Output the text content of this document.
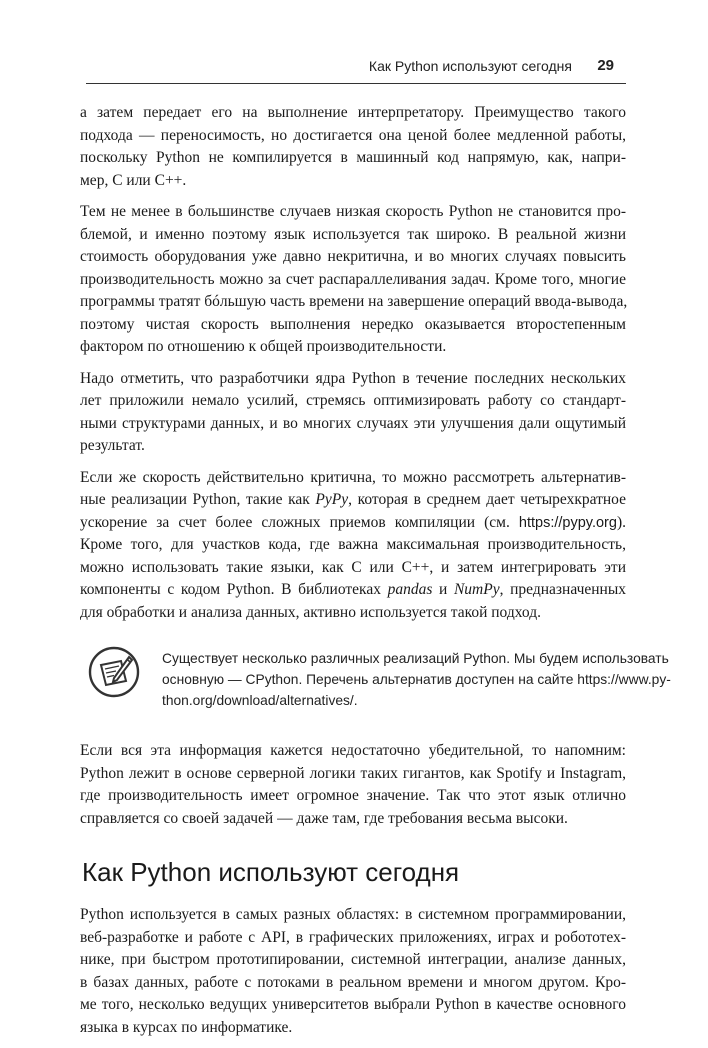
Как Python используют сегодня 29

а затем передает его на выполнение интерпретатору. Преимущество такого
подхода — переносимость, но достигается она ценой более медленной работы,
поскольку Python не компилируется в машинный код напрямую, как, напри-
мер, C или C++.

Тем не менее в большинстве случаев низкая скорость Python не становится про-
блемой, и именно поэтому язык используется так широко. В реальной жизни
стоимость оборудования уже давно некритична, и во многих случаях повысить
производительность можно за счет распараллеливания задач. Кроме того, многие
программы тратят бóльшую часть времени на завершение операций ввода-вывода,
поэтому чистая скорость выполнения нередко оказывается второстепенным
фактором по отношению к общей производительности.

Надо отметить, что разработчики ядра Python в течение последних нескольких
лет приложили немало усилий, стремясь оптимизировать работу со стандарт-
ными структурами данных, и во многих случаях эти улучшения дали ощутимый
результат.

Если же скорость действительно критична, то можно рассмотреть альтернатив-
ные реализации Python, такие как PyPy, которая в среднем дает четырехкратное
ускорение за счет более сложных приемов компиляции (см. https://pypy.org).
Кроме того, для участков кода, где важна максимальная производительность,
можно использовать такие языки, как C или C++, и затем интегрировать эти
компоненты с кодом Python. В библиотеках pandas и NumPy, предназначенных
для обработки и анализа данных, активно используется такой подход.

Существует несколько различных реализаций Python. Мы будем использовать
основную — CPython. Перечень альтернатив доступен на сайте https://www.py-
thon.org/download/alternatives/.

Если вся эта информация кажется недостаточно убедительной, то напомним:
Python лежит в основе серверной логики таких гигантов, как Spotify и Instagram,
где производительность имеет огромное значение. Так что этот язык отлично
справляется со своей задачей — даже там, где требования весьма высоки.

Как Python используют сегодня

Python используется в самых разных областях: в системном программировании,
веб-разработке и работе с API, в графических приложениях, играх и робототех-
нике, при быстром прототипировании, системной интеграции, анализе данных,
в базах данных, работе с потоками в реальном времени и многом другом. Кро-
ме того, несколько ведущих университетов выбрали Python в качестве основного
языка в курсах по информатике.
